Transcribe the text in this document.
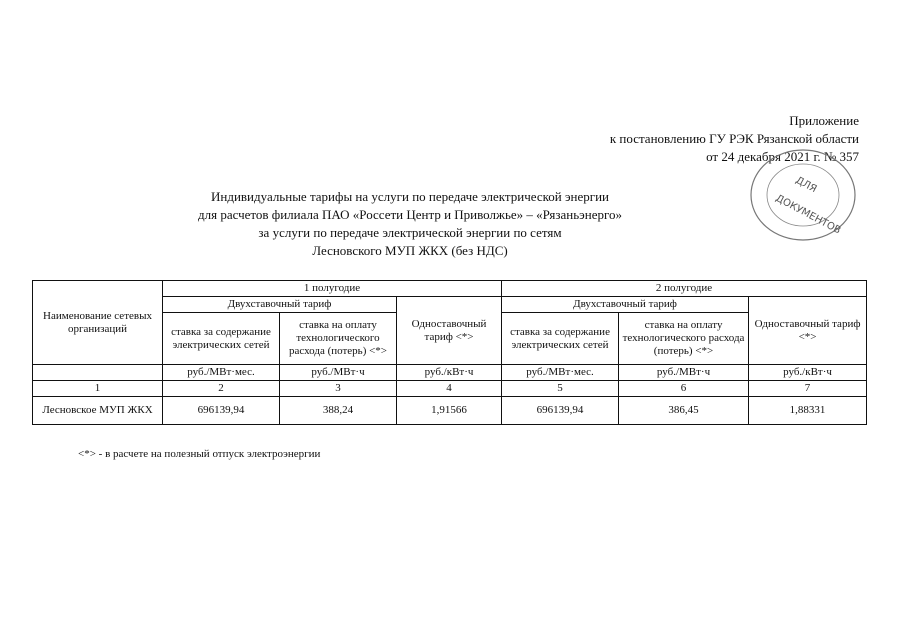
Приложение
к постановлению ГУ РЭК Рязанской области
от 24 декабря 2021 г. № 357
ДЛЯ
ДОКУМЕНТОВ
Индивидуальные тарифы на услуги по передаче электрической энергии
для расчетов филиала ПАО «Россети Центр и Приволжье» – «Рязаньэнерго»
за услуги по передаче электрической энергии по сетям
Лесновского МУП ЖКХ (без НДС)
Наименование сетевых организаций	1 полугодие			2 полугодие		
	Двухставочный тариф		Одноставочный тариф <*>	Двухставочный тариф		Одноставочный тариф <*>
	ставка за содержание электрических сетей	ставка на оплату технологического расхода (потерь) <*>		ставка за содержание электрических сетей	ставка на оплату технологического расхода (потерь) <*>	
	руб./МВт·мес.	руб./МВт·ч	руб./кВт·ч	руб./МВт·мес.	руб./МВт·ч	руб./кВт·ч
1	2	3	4	5	6	7
Лесновское МУП ЖКХ	696139,94	388,24	1,91566	696139,94	386,45	1,88331
<*> - в расчете на полезный отпуск электроэнергии
